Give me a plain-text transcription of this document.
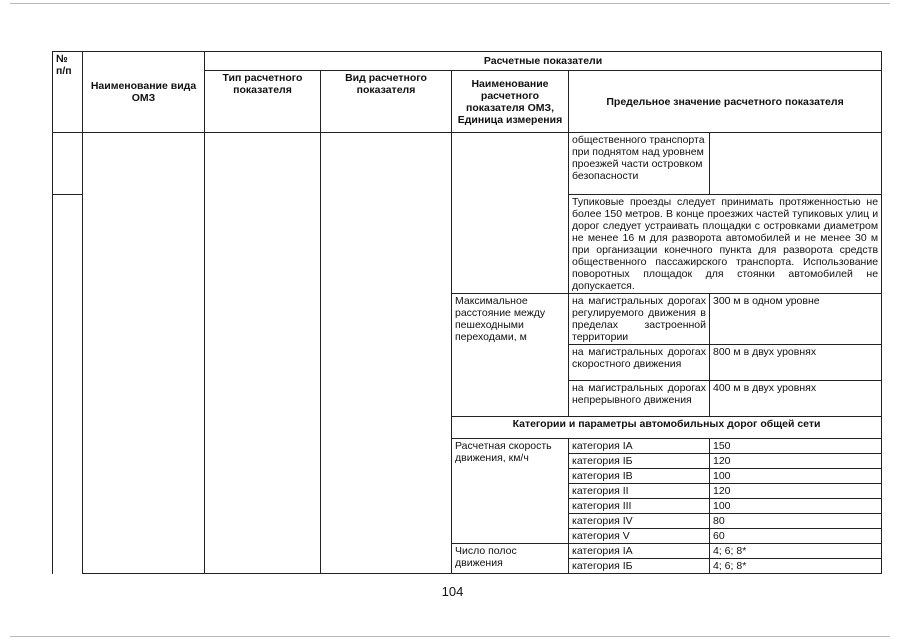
№ п/п	Наименование вида ОМЗ	Расчетные показатели				
		Тип расчетного показателя	Вид расчетного показателя	Наименование расчетного показателя ОМЗ, Единица измерения	Предельное значение расчетного показателя	
					общественного транспорта при поднятом над уровнем проезжей части островком безопасности	
					Тупиковые проезды следует принимать протяженностью не более 150 метров. В конце проезжих частей тупиковых улиц и дорог следует устраивать площадки с островками диаметром не менее 16 м для разворота автомобилей и не менее 30 м при организации конечного пункта для разворота средств общественного пассажирского транспорта. Использование поворотных площадок для стоянки автомобилей не допускается.	
				Максимальное расстояние между пешеходными переходами, м	на магистральных дорогах регулируемого движения в пределах застроенной территории	300 м в одном уровне
					на магистральных дорогах скоростного движения	800 м в двух уровнях
					на магистральных дорогах непрерывного движения	400 м в двух уровнях
				Категории и параметры автомобильных дорог общей сети		
				Расчетная скорость движения, км/ч	категория IA	150
					категория IБ	120
					категория IВ	100
					категория II	120
					категория III	100
					категория IV	80
					категория V	60
				Число полос движения	категория IA	4; 6; 8*
					категория IБ	4; 6; 8*
104
